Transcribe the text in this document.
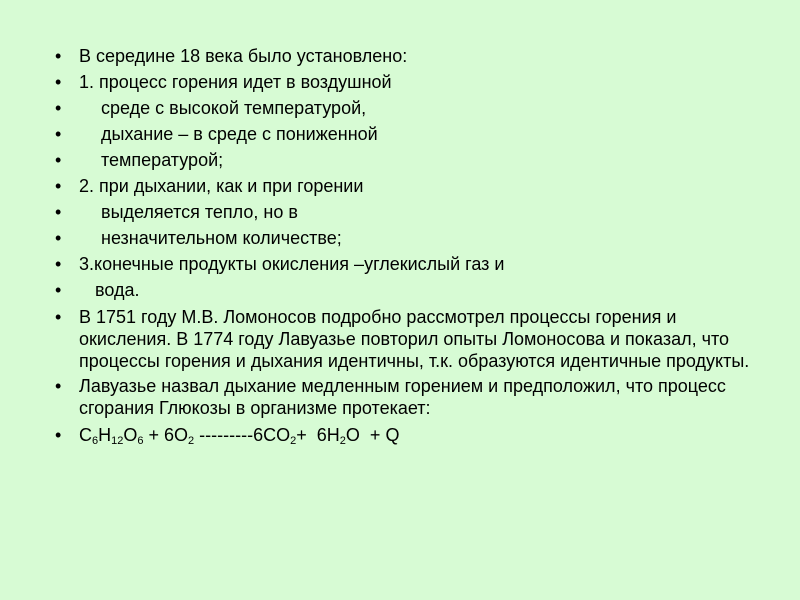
• В середине 18 века было установлено:
• 1. процесс горения идет в воздушной
• среде с высокой температурой,
• дыхание – в среде с пониженной
• температурой;
• 2. при дыхании, как и при горении
• выделяется тепло, но в
• незначительном количестве;
• 3.конечные продукты окисления –углекислый газ и
• вода.
• В 1751 году М.В. Ломоносов подробно рассмотрел процессы горения и окисления. В 1774 году Лавуазье повторил опыты Ломоносова и показал, что процессы горения и дыхания идентичны, т.к. образуются идентичные продукты.
• Лавуазье назвал дыхание медленным горением и предположил, что процесс сгорания Глюкозы в организме протекает:
• $C_6H_{12}O_6 + 6O_2$ $---------6CO_2+ 6H_2O + Q$
